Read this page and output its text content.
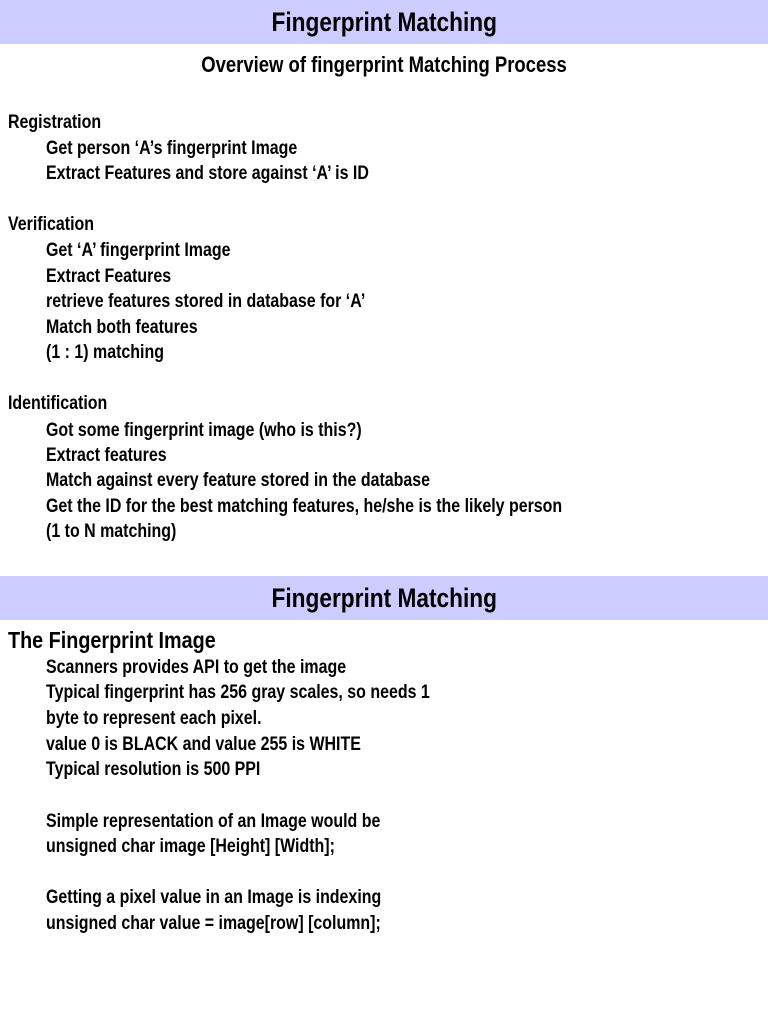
Fingerprint Matching
Overview of fingerprint Matching Process
Registration
Get person ‘A’s fingerprint Image
Extract Features and store against ‘A’ is ID
Verification
Get ‘A’ fingerprint Image
Extract Features
retrieve features stored in database for ‘A’
Match both features
(1 : 1) matching
Identification
Got some fingerprint image (who is this?)
Extract features
Match against every feature stored in the database
Get the ID for the best matching features, he/she is the likely person
(1 to N matching)
Fingerprint Matching
The Fingerprint Image
Scanners provides API to get the image
Typical fingerprint has 256 gray scales, so needs 1
byte to represent each pixel.
value 0 is BLACK and value 255 is WHITE
Typical resolution is 500 PPI
Simple representation of an Image would be
unsigned char image [Height] [Width];
Getting a pixel value in an Image is indexing
unsigned char value = image[row] [column];
